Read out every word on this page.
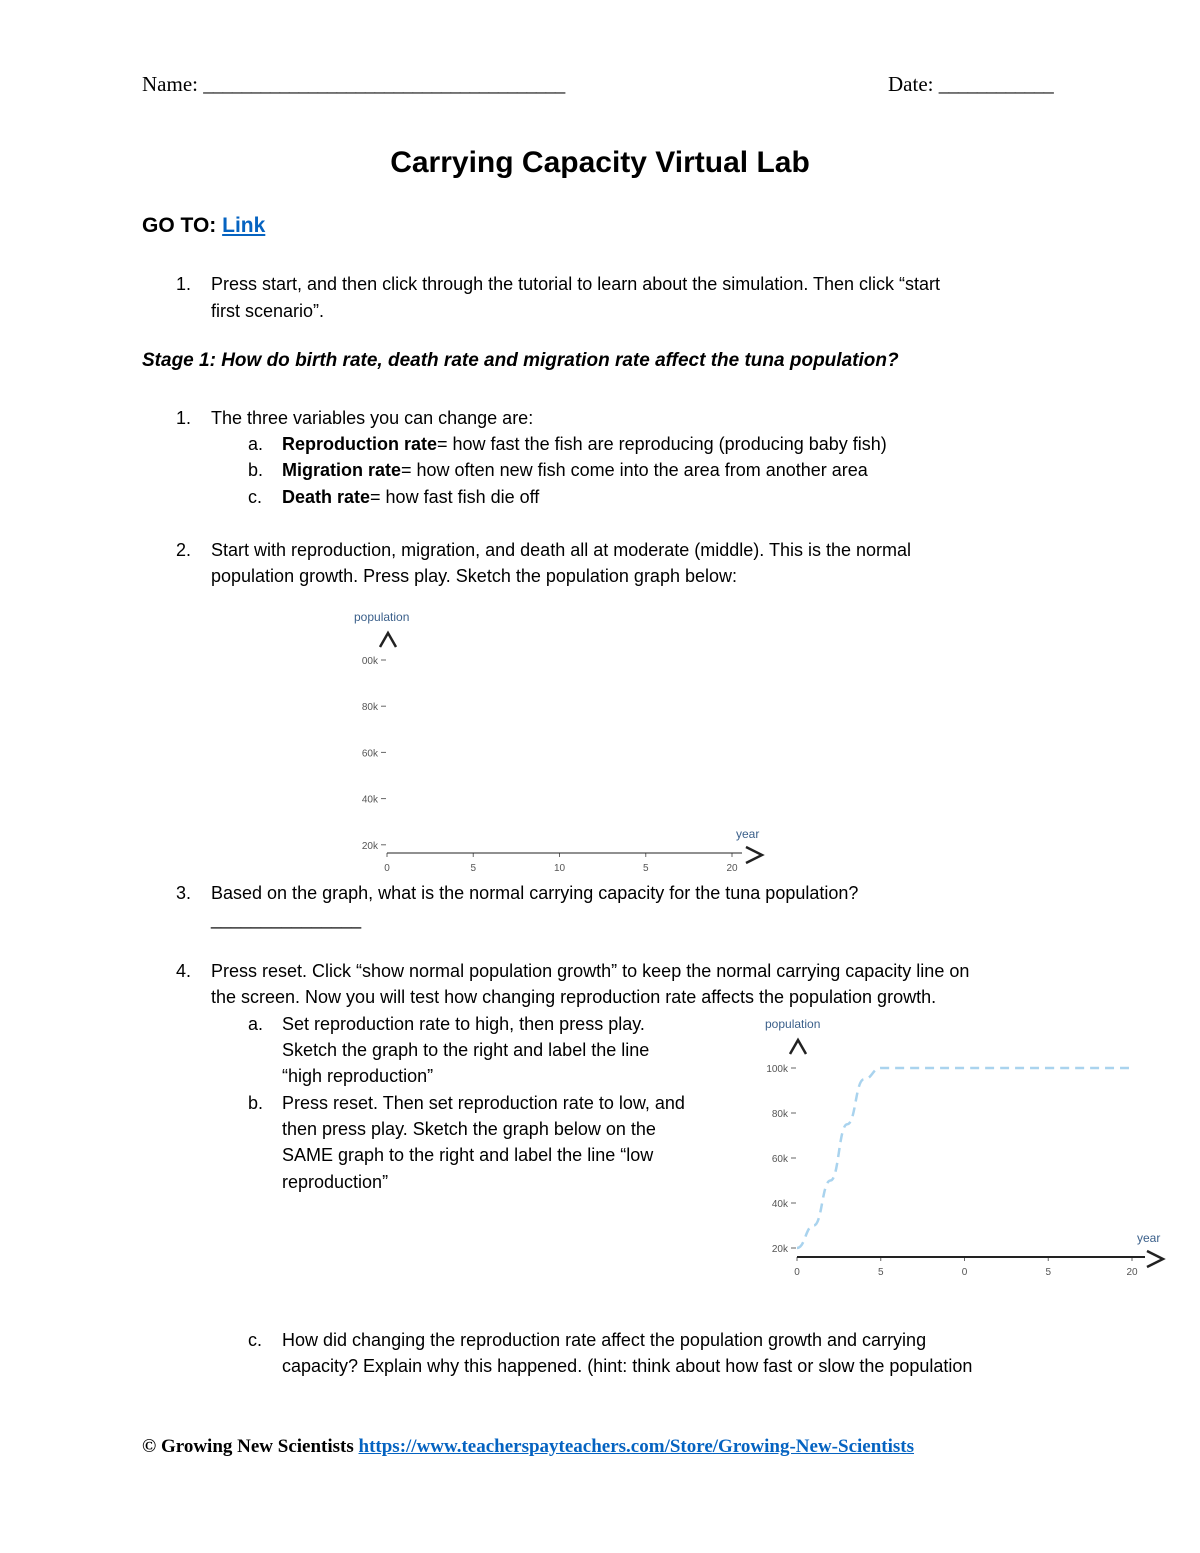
Name: ______________________________________	Date: ____________
Carrying Capacity Virtual Lab
GO TO: Link
1. Press start, and then click through the tutorial to learn about the simulation. Then click “start
first scenario”.
Stage 1: How do birth rate, death rate and migration rate affect the tuna population?
1. The three variables you can change are:
a. Reproduction rate= how fast the fish are reproducing (producing baby fish)
b. Migration rate= how often new fish come into the area from another area
c. Death rate= how fast fish die off
2. Start with reproduction, migration, and death all at moderate (middle). This is the normal
population growth. Press play. Sketch the population graph below:
population
00k
80k
60k
40k
20k
0	5	10	5	20
year
3. Based on the graph, what is the normal carrying capacity for the tuna population?
_______________
4. Press reset. Click “show normal population growth” to keep the normal carrying capacity line on
the screen. Now you will test how changing reproduction rate affects the population growth.
a. Set reproduction rate to high, then press play.
Sketch the graph to the right and label the line
“high reproduction”
b. Press reset. Then set reproduction rate to low, and
then press play. Sketch the graph below on the
SAME graph to the right and label the line “low
reproduction”
population
100k
80k
60k
40k
20k
0	5	0	5	20
year
c. How did changing the reproduction rate affect the population growth and carrying
capacity? Explain why this happened. (hint: think about how fast or slow the population
© Growing New Scientists https://www.teacherspayteachers.com/Store/Growing-New-Scientists
